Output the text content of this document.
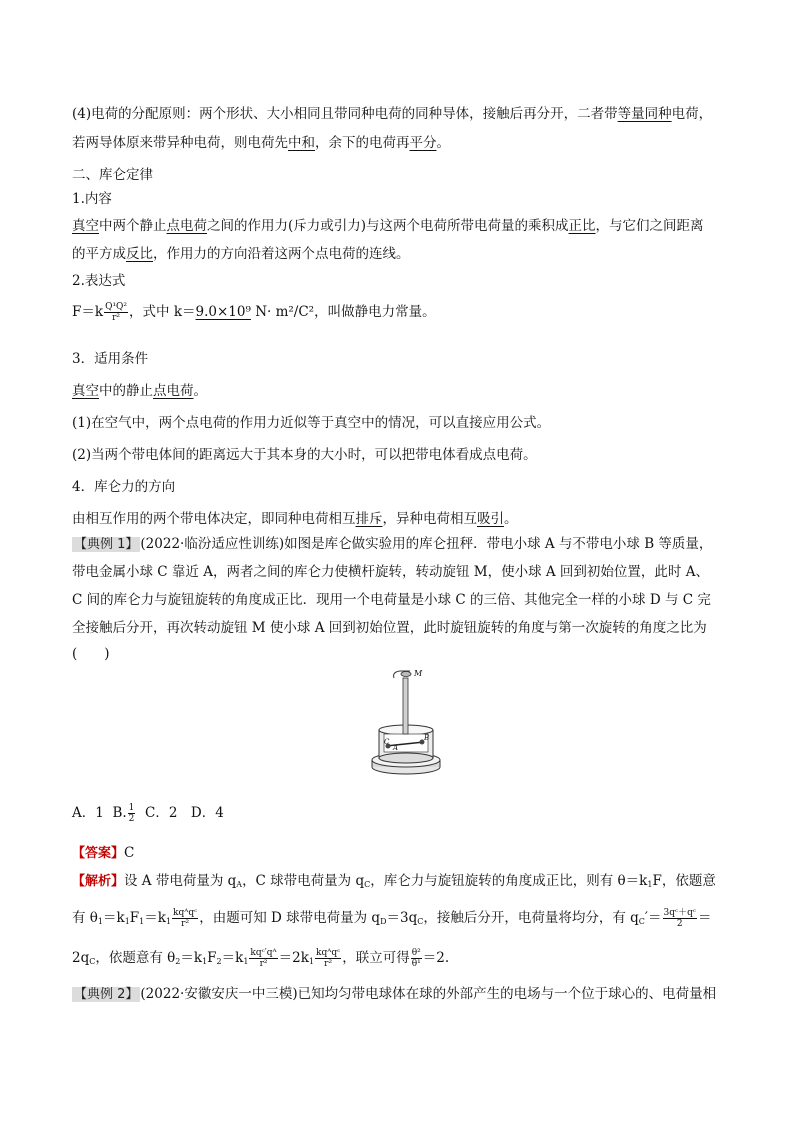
(4)电荷的分配原则：两个形状、大小相同且带同种电荷的同种导体，接触后再分开，二者带等量同种电荷，
若两导体原来带异种电荷，则电荷先中和，余下的电荷再平分。
二、库仑定律
1.内容
真空中两个静止点电荷之间的作用力(斥力或引力)与这两个电荷所带电荷量的乘积成正比，与它们之间距离
的平方成反比，作用力的方向沿着这两个点电荷的连线。
2.表达式
$F=k \frac{\text{Q¹Q²}}{\text{r²}}$ ，式中 k＝9.0×10⁹ N· m²/C²，叫做静电力常量。
3．适用条件
真空中的静止点电荷。
(1)在空气中，两个点电荷的作用力近似等于真空中的情况，可以直接应用公式。
(2)当两个带电体间的距离远大于其本身的大小时，可以把带电体看成点电荷。
4．库仑力的方向
由相互作用的两个带电体决定，即同种电荷相互排斥，异种电荷相互吸引。
【典例 1】 (2022·临汾适应性训练)如图是库仑做实验用的库仑扭秤．带电小球 A 与不带电小球 B 等质量，
带电金属小球 C 靠近 A，两者之间的库仑力使横杆旋转，转动旋钮 M，使小球 A 回到初始位置，此时 A、
C 间的库仑力与旋钮旋转的角度成正比．现用一个电荷量是小球 C 的三倍、其他完全一样的小球 D 与 C 完
全接触后分开，再次转动旋钮 M 使小球 A 回到初始位置，此时旋钮旋转的角度与第一次旋转的角度之比为
(　　)
M
C
A
B
A．1 B. $\frac{1}{2}$ C．2　D．4
【答案】C
【解析】设 A 带电荷量为 $q_A$，C 球带电荷量为 $q_C$，库仑力与旋钮旋转的角度成正比，则有 $\theta=k_1F$，依题意
有 $\theta_1=k_1F_1=k_1 \frac{\text{kqᴬqᶜ}}{\text{r²}}$ ，由题可知 D 球带电荷量为 $q_D=3q_C$，接触后分开，电荷量将均分，有 $q_C'= \frac{\text{3qᶜ＋qᶜ}}{2}$ ＝
$2q_C$，依题意有 $\theta_2=k_1F_2=k_1 \frac{\text{kqᶜ′qᴬ}}{\text{r²}} =2k_1 \frac{\text{kqᴬqᶜ}}{\text{r²}}$ ，联立可得 $\frac{\text{θ²}}{\text{θ¹}} =2$.
【典例 2】 (2022·安徽安庆一中三模)已知均匀带电球体在球的外部产生的电场与一个位于球心的、电荷量相
